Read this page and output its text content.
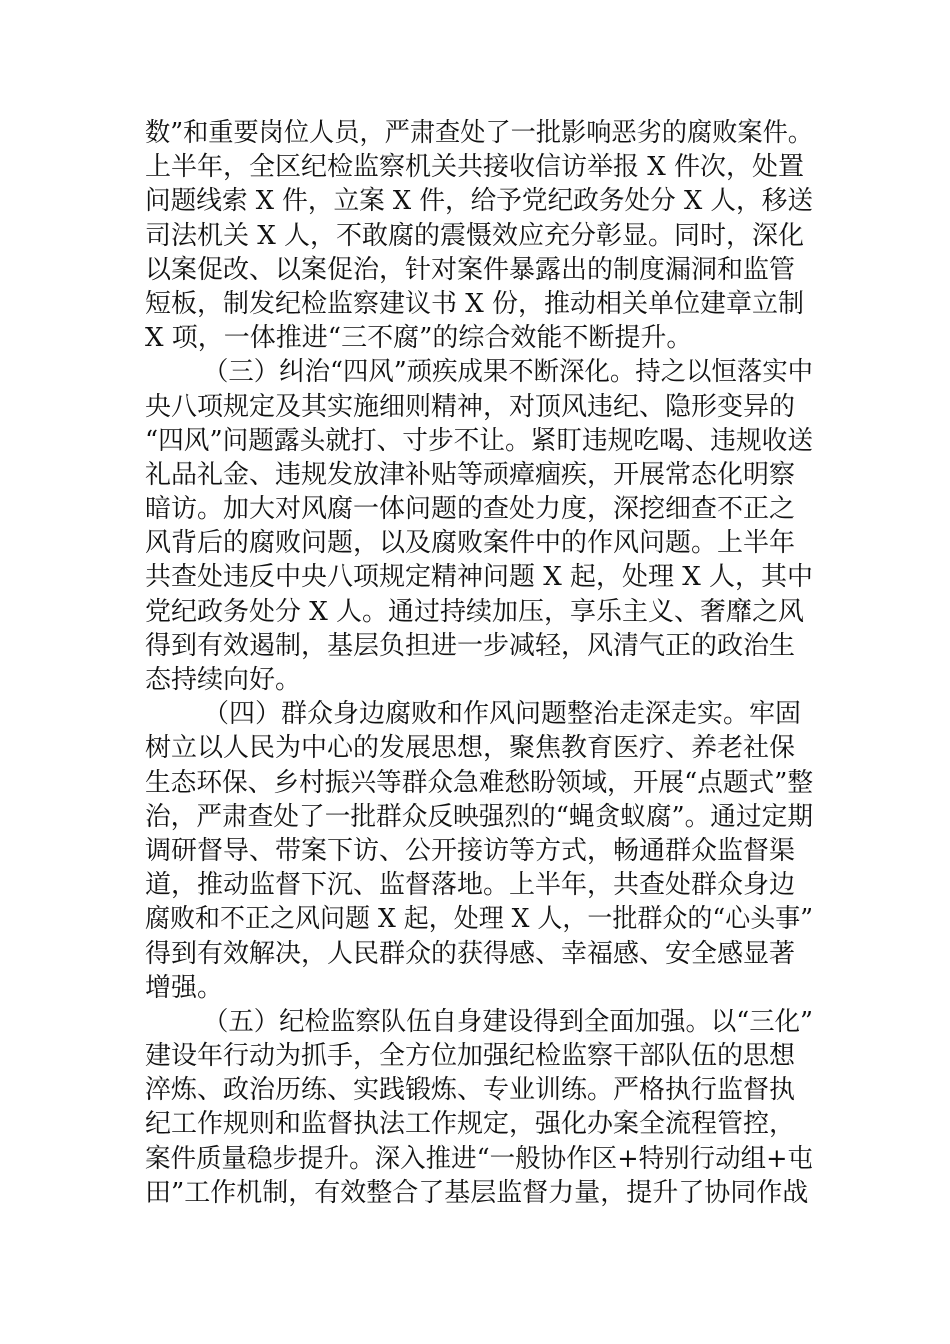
数”和重要岗位人员，严肃查处了一批影响恶劣的腐败案件。
上半年，全区纪检监察机关共接收信访举报 X 件次，处置
问题线索 X 件，立案 X 件，给予党纪政务处分 X 人，移送
司法机关 X 人，不敢腐的震慑效应充分彰显。同时，深化
以案促改、以案促治，针对案件暴露出的制度漏洞和监管
短板，制发纪检监察建议书 X 份，推动相关单位建章立制
X 项，一体推进“三不腐”的综合效能不断提升。
（三）纠治“四风”顽疾成果不断深化。持之以恒落实中
央八项规定及其实施细则精神，对顶风违纪、隐形变异的
“四风”问题露头就打、寸步不让。紧盯违规吃喝、违规收送
礼品礼金、违规发放津补贴等顽瘴痼疾，开展常态化明察
暗访。加大对风腐一体问题的查处力度，深挖细查不正之
风背后的腐败问题，以及腐败案件中的作风问题。上半年
共查处违反中央八项规定精神问题 X 起，处理 X 人，其中
党纪政务处分 X 人。通过持续加压，享乐主义、奢靡之风
得到有效遏制，基层负担进一步减轻，风清气正的政治生
态持续向好。
（四）群众身边腐败和作风问题整治走深走实。牢固
树立以人民为中心的发展思想，聚焦教育医疗、养老社保
生态环保、乡村振兴等群众急难愁盼领域，开展“点题式”整
治，严肃查处了一批群众反映强烈的“蝇贪蚁腐”。通过定期
调研督导、带案下访、公开接访等方式，畅通群众监督渠
道，推动监督下沉、监督落地。上半年，共查处群众身边
腐败和不正之风问题 X 起，处理 X 人，一批群众的“心头事”
得到有效解决，人民群众的获得感、幸福感、安全感显著
增强。
（五）纪检监察队伍自身建设得到全面加强。以“三化”
建设年行动为抓手，全方位加强纪检监察干部队伍的思想
淬炼、政治历练、实践锻炼、专业训练。严格执行监督执
纪工作规则和监督执法工作规定，强化办案全流程管控，
案件质量稳步提升。深入推进“一般协作区+特别行动组+屯
田”工作机制，有效整合了基层监督力量，提升了协同作战
